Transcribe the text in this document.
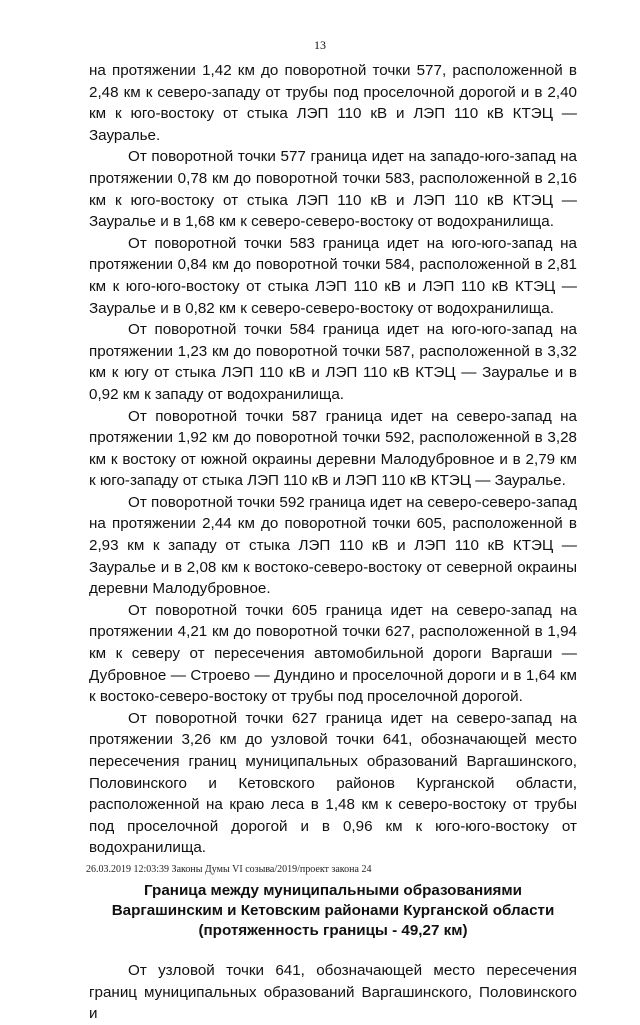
13

на протяжении 1,42 км до поворотной точки 577, расположенной в 2,48 км к северо-западу от трубы под проселочной дорогой и в 2,40 км к юго-востоку от стыка ЛЭП 110 кВ и ЛЭП 110 кВ КТЭЦ — Зауралье.

От поворотной точки 577 граница идет на западо-юго-запад на протяжении 0,78 км до поворотной точки 583, расположенной в 2,16 км к юго-востоку от стыка ЛЭП 110 кВ и ЛЭП 110 кВ КТЭЦ — Зауралье и в 1,68 км к северо-северо-востоку от водохранилища.

От поворотной точки 583 граница идет на юго-юго-запад на протяжении 0,84 км до поворотной точки 584, расположенной в 2,81 км к юго-юго-востоку от стыка ЛЭП 110 кВ и ЛЭП 110 кВ КТЭЦ — Зауралье и в 0,82 км к северо-северо-востоку от водохранилища.

От поворотной точки 584 граница идет на юго-юго-запад на протяжении 1,23 км до поворотной точки 587, расположенной в 3,32 км к югу от стыка ЛЭП 110 кВ и ЛЭП 110 кВ КТЭЦ — Зауралье и в 0,92 км к западу от водохранилища.

От поворотной точки 587 граница идет на северо-запад на протяжении 1,92 км до поворотной точки 592, расположенной в 3,28 км к востоку от южной окраины деревни Малодубровное и в 2,79 км к юго-западу от стыка ЛЭП 110 кВ и ЛЭП 110 кВ КТЭЦ — Зауралье.

От поворотной точки 592 граница идет на северо-северо-запад на протяжении 2,44 км до поворотной точки 605, расположенной в 2,93 км к западу от стыка ЛЭП 110 кВ и ЛЭП 110 кВ КТЭЦ — Зауралье и в 2,08 км к востоко-северо-востоку от северной окраины деревни Малодубровное.

От поворотной точки 605 граница идет на северо-запад на протяжении 4,21 км до поворотной точки 627, расположенной в 1,94 км к северу от пересечения автомобильной дороги Варгаши — Дубровное — Строево — Дундино и проселочной дороги и в 1,64 км к востоко-северо-востоку от трубы под проселочной дорогой.

От поворотной точки 627 граница идет на северо-запад на протяжении 3,26 км до узловой точки 641, обозначающей место пересечения границ муниципальных образований Варгашинского, Половинского и Кетовского районов Курганской области, расположенной на краю леса в 1,48 км к северо-востоку от трубы под проселочной дорогой и в 0,96 км к юго-юго-востоку от водохранилища.

Граница между муниципальными образованиями
Варгашинским и Кетовским районами Курганской области
(протяженность границы - 49,27 км)

От узловой точки 641, обозначающей место пересечения границ муниципальных образований Варгашинского, Половинского и

26.03.2019 12:03:39 Законы Думы VI созыва/2019/проект закона 24
